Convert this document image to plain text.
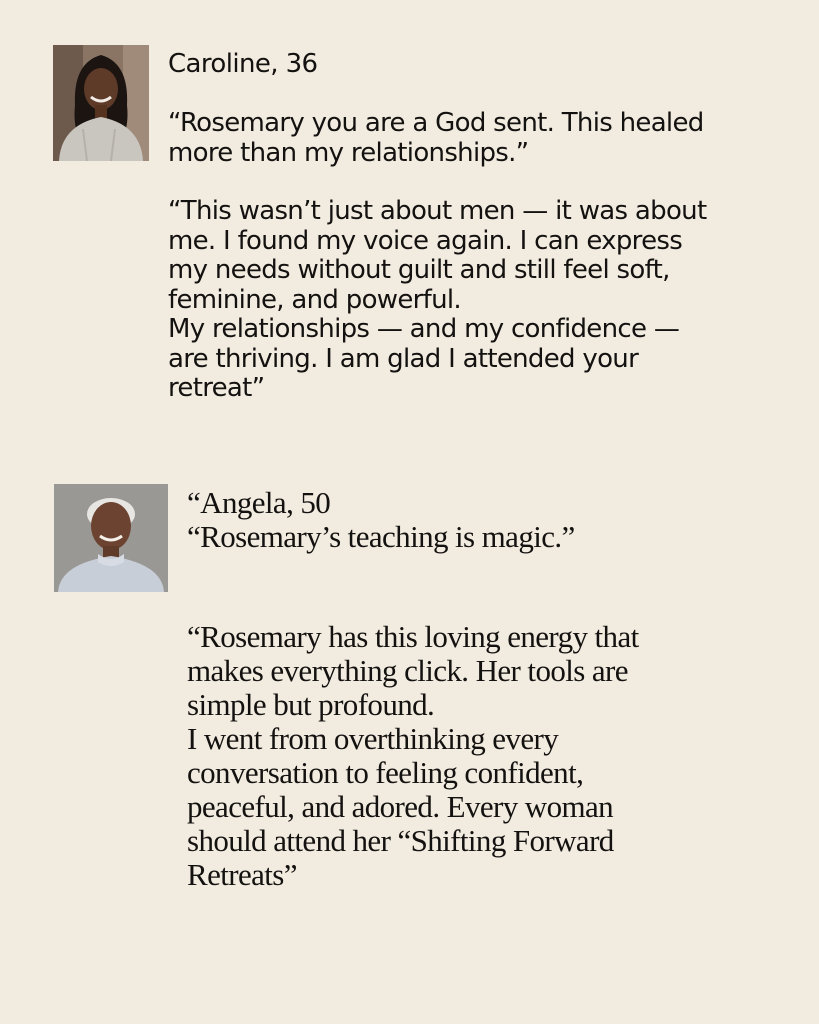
Caroline, 36
“Rosemary you are a God sent. This healed
more than my relationships.”
“This wasn’t just about men — it was about
me. I found my voice again. I can express
my needs without guilt and still feel soft,
feminine, and powerful.
My relationships — and my confidence —
are thriving. I am glad I attended your
retreat”
“Angela, 50
“Rosemary’s teaching is magic.”
“Rosemary has this loving energy that
makes everything click. Her tools are
simple but profound.
I went from overthinking every
conversation to feeling confident,
peaceful, and adored. Every woman
should attend her “Shifting Forward
Retreats”
